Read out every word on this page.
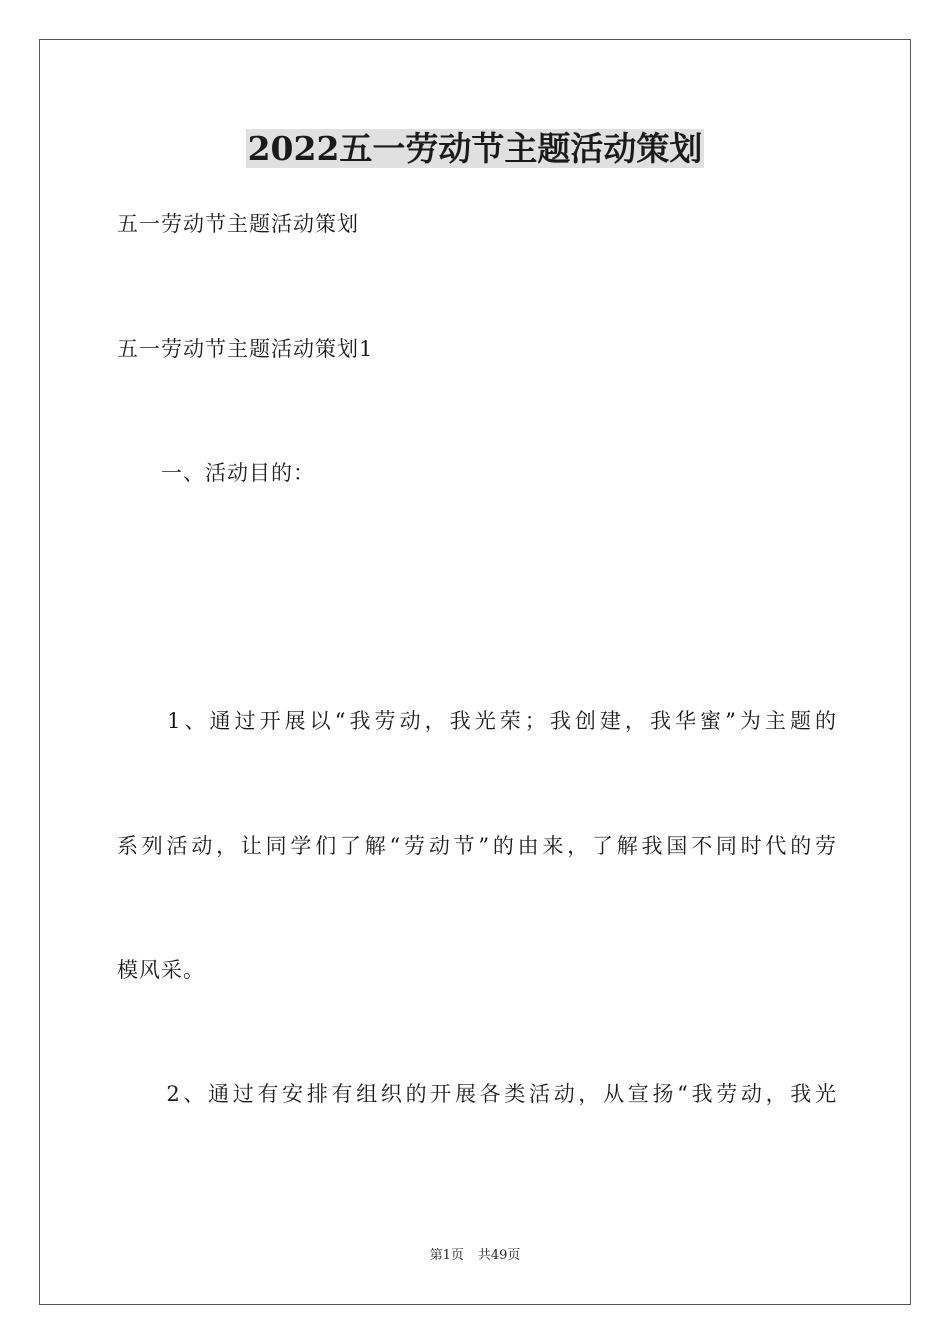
2022五一劳动节主题活动策划

五一劳动节主题活动策划

五一劳动节主题活动策划1

　　一、活动目的：

　　1、通过开展以“我劳动，我光荣；我创建，我华蜜”为主题的

系列活动，让同学们了解“劳动节”的由来，了解我国不同时代的劳

模风采。

　　2、通过有安排有组织的开展各类活动，从宣扬“我劳动，我光

第1页 共49页
